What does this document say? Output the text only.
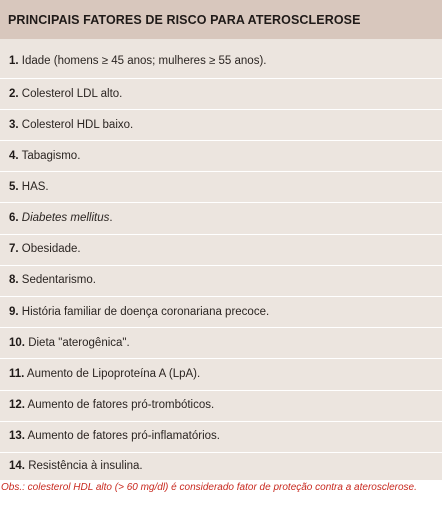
PRINCIPAIS FATORES DE RISCO PARA ATEROSCLEROSE
1. Idade (homens ≥ 45 anos; mulheres ≥ 55 anos).
2. Colesterol LDL alto.
3. Colesterol HDL baixo.
4. Tabagismo.
5. HAS.
6. Diabetes mellitus.
7. Obesidade.
8. Sedentarismo.
9. História familiar de doença coronariana precoce.
10. Dieta "aterogênica".
11. Aumento de Lipoproteína A (LpA).
12. Aumento de fatores pró-trombóticos.
13. Aumento de fatores pró-inflamatórios.
14. Resistência à insulina.
Obs.: colesterol HDL alto (> 60 mg/dl) é considerado fator de proteção contra a aterosclerose.
